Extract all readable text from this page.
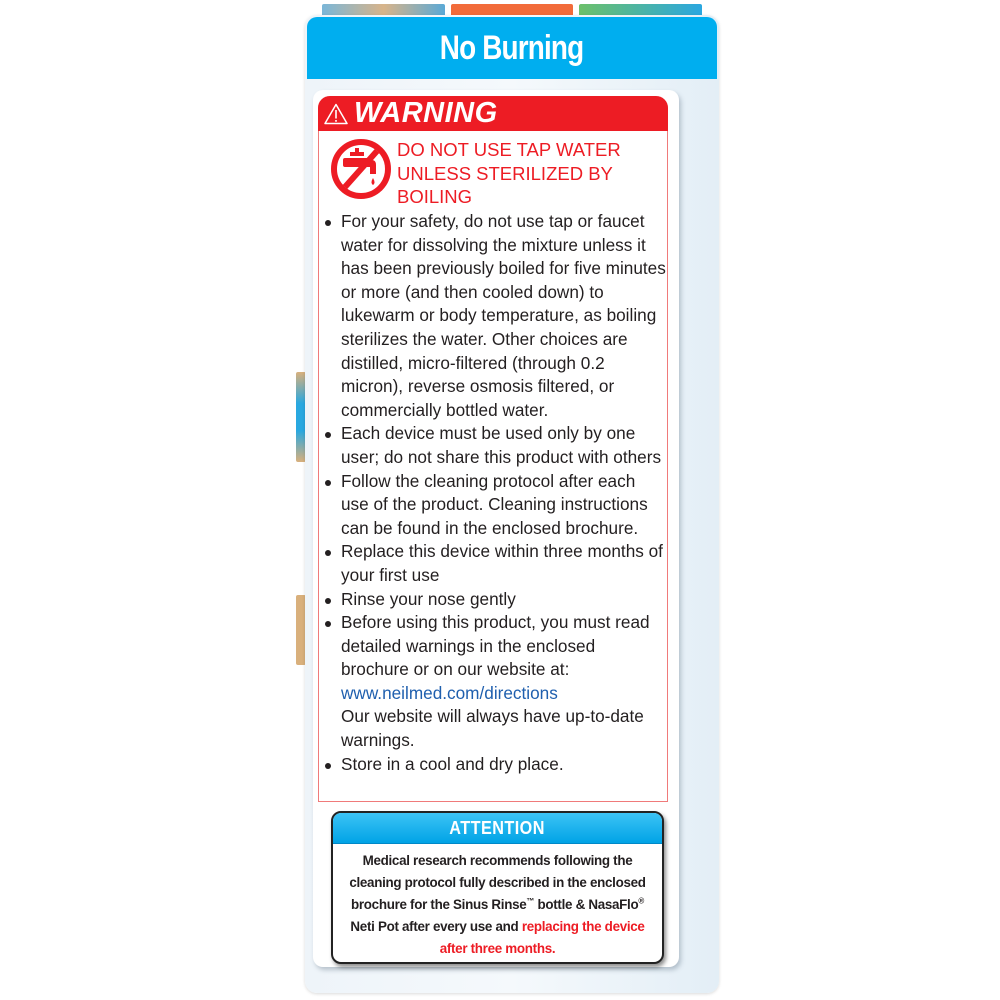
No Burning
WARNING
DO NOT USE TAP WATER UNLESS STERILIZED BY BOILING
For your safety, do not use tap or faucet water for dissolving the mixture unless it has been previously boiled for five minutes or more (and then cooled down) to lukewarm or body temperature, as boiling sterilizes the water. Other choices are distilled, micro-filtered (through 0.2 micron), reverse osmosis filtered, or commercially bottled water.
Each device must be used only by one user; do not share this product with others
Follow the cleaning protocol after each use of the product. Cleaning instructions can be found in the enclosed brochure.
Replace this device within three months of your first use
Rinse your nose gently
Before using this product, you must read detailed warnings in the enclosed brochure or on our website at:
www.neilmed.com/directions
Our website will always have up-to-date warnings.
Store in a cool and dry place.
ATTENTION
Medical research recommends following the cleaning protocol fully described in the enclosed brochure for the Sinus Rinse™ bottle & NasaFlo® Neti Pot after every use and replacing the device after three months.
